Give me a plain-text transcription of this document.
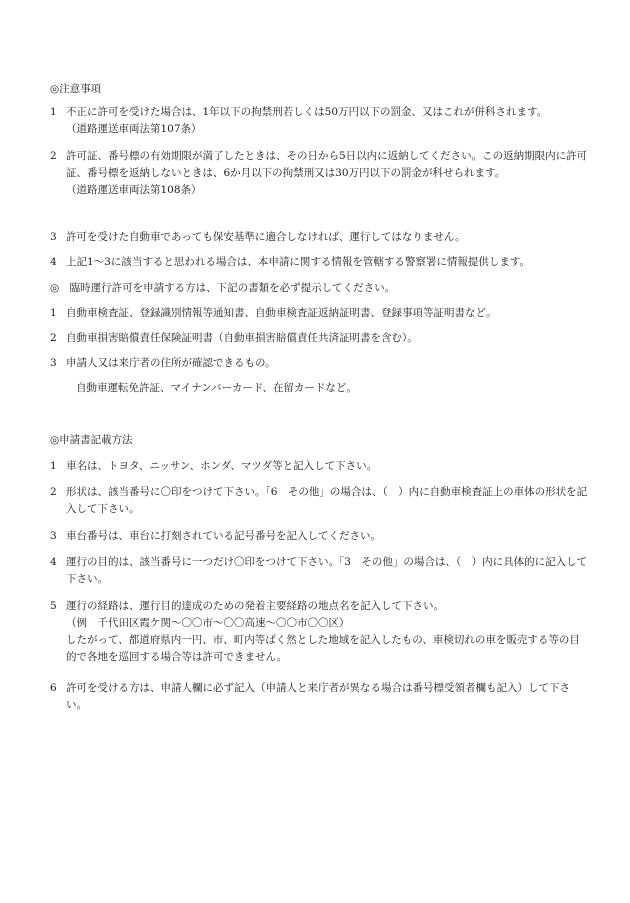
◎注意事項
1 不正に許可を受けた場合は、1年以下の拘禁刑若しくは50万円以下の罰金、又はこれが併科されます。
（道路運送車両法第107条）
2 許可証、番号標の有効期限が満了したときは、その日から5日以内に返納してください。この返納期限内に許可証、番号標を返納しないときは、6か月以下の拘禁刑又は30万円以下の罰金が科せられます。
（道路運送車両法第108条）
3 許可を受けた自動車であっても保安基準に適合しなければ、運行してはなりません。
4 上記1～3に該当すると思われる場合は、本申請に関する情報を管轄する警察署に情報提供します。
◎　臨時運行許可を申請する方は、下記の書類を必ず提示してください。
1 自動車検査証、登録識別情報等通知書、自動車検査証返納証明書、登録事項等証明書など。
2 自動車損害賠償責任保険証明書（自動車損害賠償責任共済証明書を含む）。
3 申請人又は来庁者の住所が確認できるもの。
自動車運転免許証、マイナンバーカード、在留カードなど。
◎申請書記載方法
1 車名は、トヨタ、ニッサン、ホンダ、マツダ等と記入して下さい。
2 形状は、該当番号に〇印をつけて下さい。「6　その他」の場合は、（　）内に自動車検査証上の車体の形状を記入して下さい。
3 車台番号は、車台に打刻されている記号番号を記入してください。
4 運行の目的は、該当番号に一つだけ〇印をつけて下さい。「3　その他」の場合は、（　）内に具体的に記入して下さい。
5 運行の経路は、運行目的達成のための発着主要経路の地点名を記入して下さい。
（例　千代田区霞ケ関～〇〇市～〇〇高速～〇〇市〇〇区）
したがって、都道府県内一円、市、町内等ばく然とした地域を記入したもの、車検切れの車を販売する等の目的で各地を巡回する場合等は許可できません。
6 許可を受ける方は、申請人欄に必ず記入（申請人と来庁者が異なる場合は番号標受領者欄も記入）して下さい。
